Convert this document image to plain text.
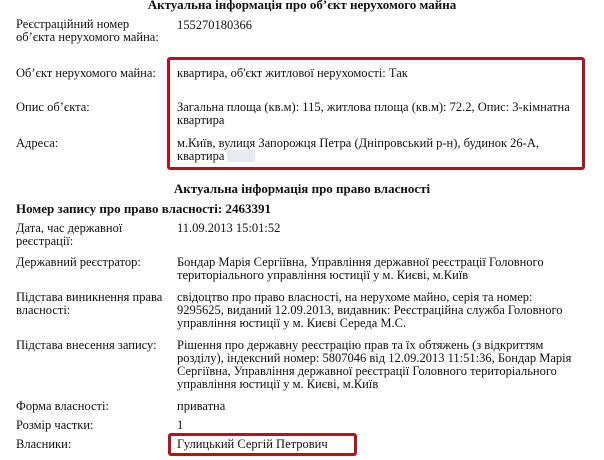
Актуальна інформація про об’єкт нерухомого майна
Реєстраційний номер об’єкта нерухомого майна:
155270180366
Об’єкт нерухомого майна:	квартира, об'єкт житлової нерухомості: Так
Опис об’єкта:	Загальна площа (кв.м): 115, житлова площа (кв.м): 72.2, Опис: 3-кімнатна квартира
Адреса:	м.Київ, вулиця Запорожця Петра (Дніпровський р-н), будинок 26-А, квартира
Актуальна інформація про право власності
Номер запису про право власності: 2463391
Дата, час державної реєстрації:
11.09.2013 15:01:52
Державний реєстратор:	Бондар Марія Сергіївна, Управління державної реєстрації Головного територіального управління юстиції у м. Києві, м.Київ
Підстава виникнення права власності:
свідоцтво про право власності, на нерухоме майно, серія та номер: 9295625, виданий 12.09.2013, видавник: Реєстраційна служба Головного управління юстиції у м. Києві Середа М.С.
Підстава внесення запису:	Рішення про державну реєстрацію прав та їх обтяжень (з відкриттям розділу), індексний номер: 5807046 від 12.09.2013 11:51:36, Бондар Марія Сергіївна, Управління державної реєстрації Головного територіального управління юстиції у м. Києві, м.Київ
Форма власності:	приватна
Розмір частки:	1
Власники:	Гулицький Сергій Петрович
